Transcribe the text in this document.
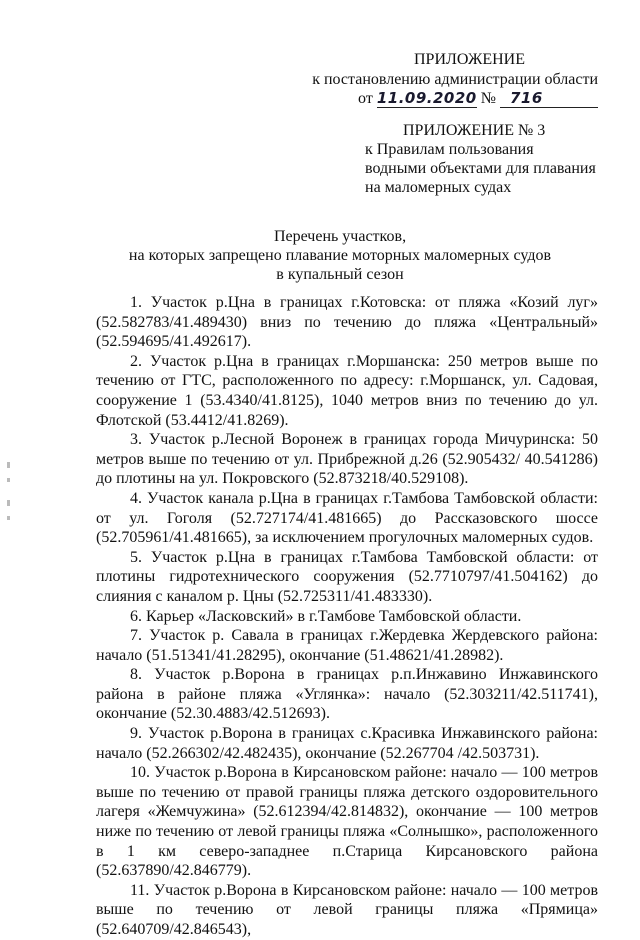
ПРИЛОЖЕНИЕ
к постановлению администрации области
от 11.09.2020 № 716
ПРИЛОЖЕНИЕ № 3
к Правилам пользования
водными объектами для плавания
на маломерных судах
Перечень участков,
на которых запрещено плавание моторных маломерных судов
в купальный сезон

1. Участок р.Цна в границах г.Котовска: от пляжа «Козий луг» (52.582783/41.489430) вниз по течению до пляжа «Центральный» (52.594695/41.492617).

2. Участок р.Цна в границах г.Моршанска: 250 метров выше по течению от ГТС, расположенного по адресу: г.Моршанск, ул. Садовая, сооружение 1 (53.4340/41.8125), 1040 метров вниз по течению до ул. Флотской (53.4412/41.8269).

3. Участок р.Лесной Воронеж в границах города Мичуринска: 50 метров выше по течению от ул. Прибрежной д.26 (52.905432/ 40.541286) до плотины на ул. Покровского (52.873218/40.529108).

4. Участок канала р.Цна в границах г.Тамбова Тамбовской области: от ул. Гоголя (52.727174/41.481665) до Рассказовского шоссе (52.705961/41.481665), за исключением прогулочных маломерных судов.

5. Участок р.Цна в границах г.Тамбова Тамбовской области: от плотины гидротехнического сооружения (52.7710797/41.504162) до слияния с каналом р. Цны (52.725311/41.483330).

6. Карьер «Ласковский» в г.Тамбове Тамбовской области.

7. Участок р. Савала в границах г.Жердевка Жердевского района: начало (51.51341/41.28295), окончание (51.48621/41.28982).

8. Участок р.Ворона в границах р.п.Инжавино Инжавинского района в районе пляжа «Углянка»: начало (52.303211/42.511741), окончание (52.30.4883/42.512693).

9. Участок р.Ворона в границах с.Красивка Инжавинского района: начало (52.266302/42.482435), окончание (52.267704 /42.503731).

10. Участок р.Ворона в Кирсановском районе: начало — 100 метров выше по течению от правой границы пляжа детского оздоровительного лагеря «Жемчужина» (52.612394/42.814832), окончание — 100 метров ниже по течению от левой границы пляжа «Солнышко», расположенного в 1 км северо-западнее п.Старица Кирсановского района (52.637890/42.846779).

11. Участок р.Ворона в Кирсановском районе: начало — 100 метров выше по течению от левой границы пляжа «Прямица» (52.640709/42.846543),
